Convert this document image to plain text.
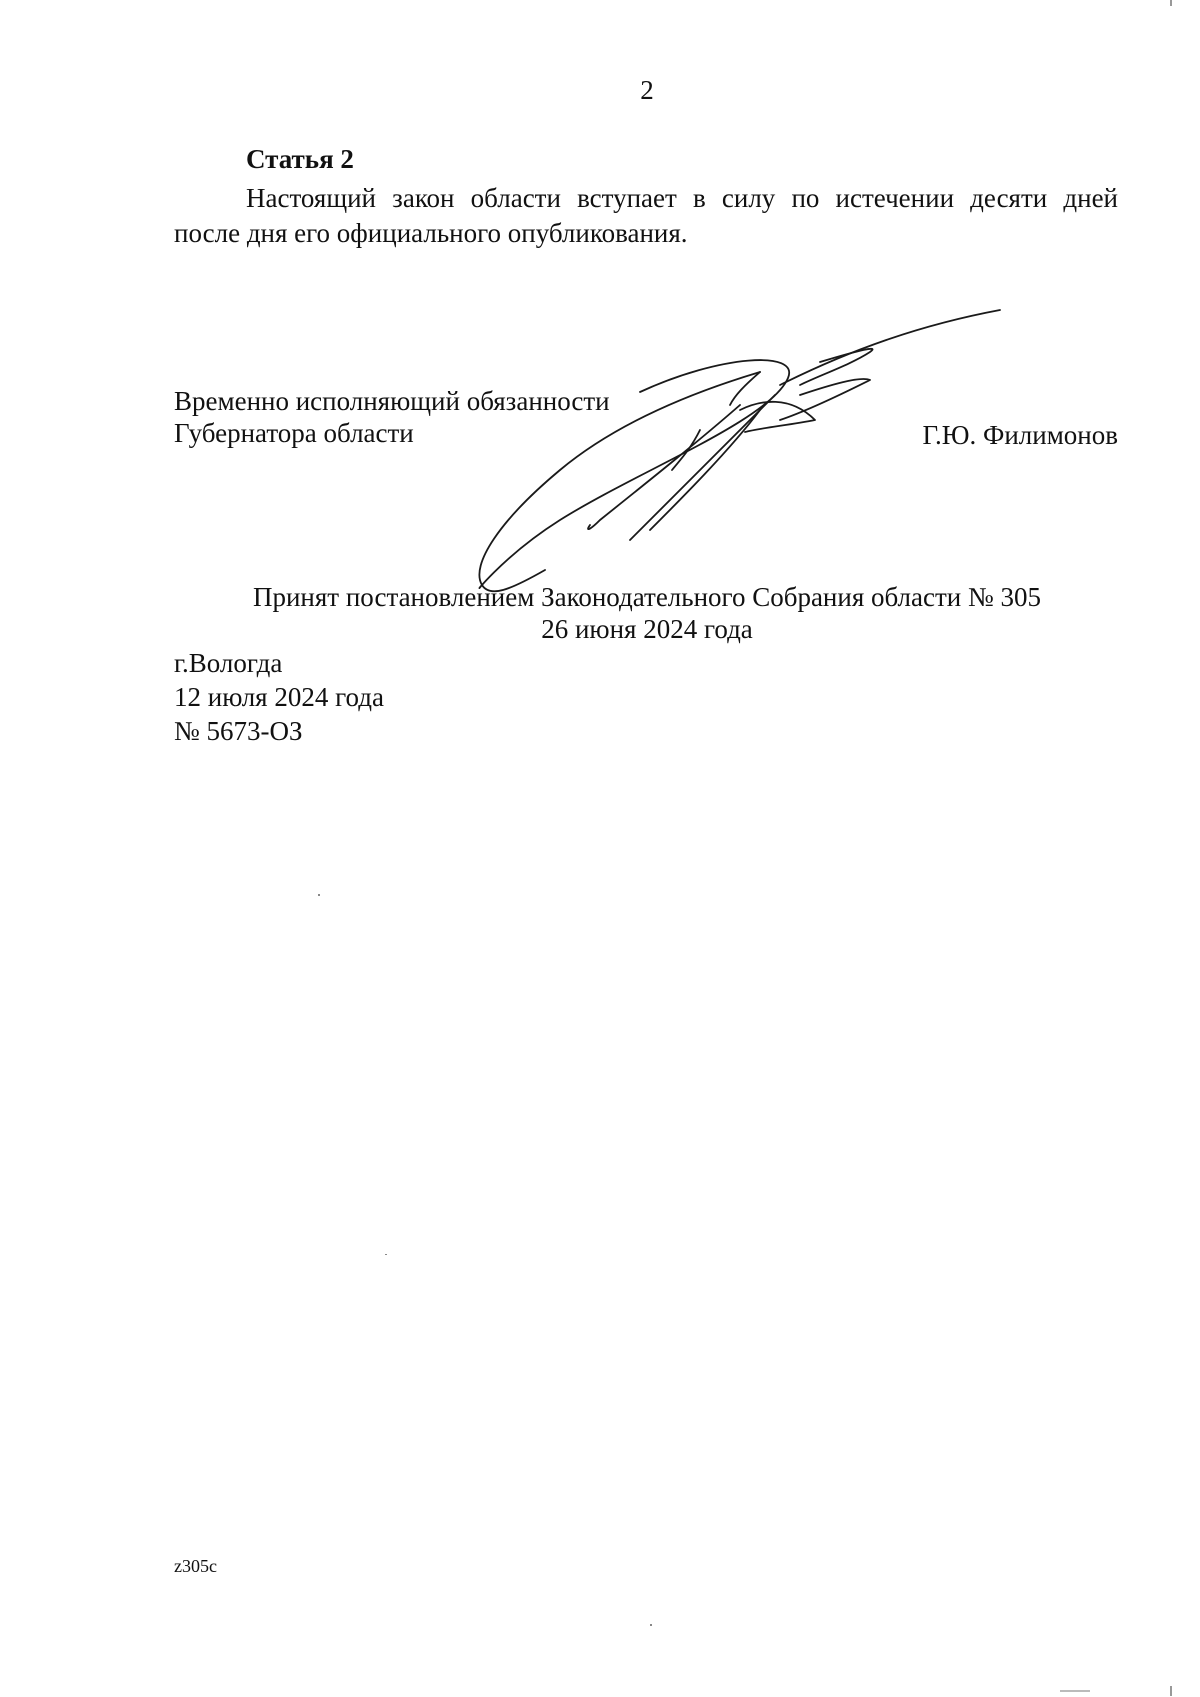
2
Статья 2
Настоящий закон области вступает в силу по истечении десяти дней
после дня его официального опубликования.
Временно исполняющий обязанности
Губернатора области	Г.Ю. Филимонов
Принят постановлением Законодательного Собрания области № 305
26 июня 2024 года
г.Вологда
12 июля 2024 года
№ 5673-ОЗ
z305c
